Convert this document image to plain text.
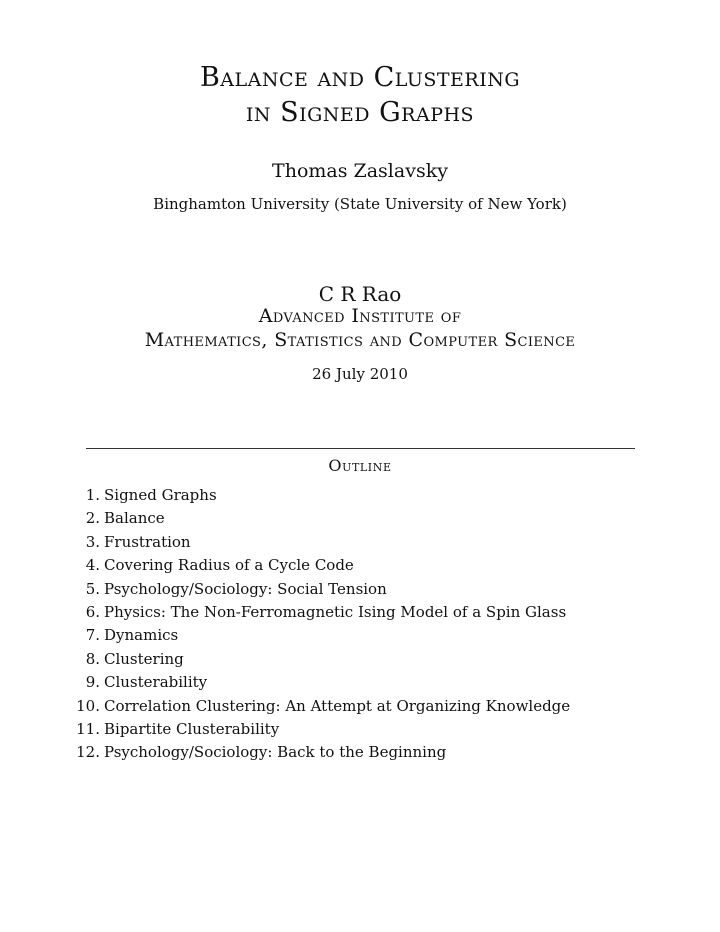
Balance and Clustering
in Signed Graphs
Thomas Zaslavsky
Binghamton University (State University of New York)
C R Rao
Advanced Institute of
Mathematics, Statistics and Computer Science
26 July 2010
Outline
1. Signed Graphs
2. Balance
3. Frustration
4. Covering Radius of a Cycle Code
5. Psychology/Sociology: Social Tension
6. Physics: The Non-Ferromagnetic Ising Model of a Spin Glass
7. Dynamics
8. Clustering
9. Clusterability
10. Correlation Clustering: An Attempt at Organizing Knowledge
11. Bipartite Clusterability
12. Psychology/Sociology: Back to the Beginning
